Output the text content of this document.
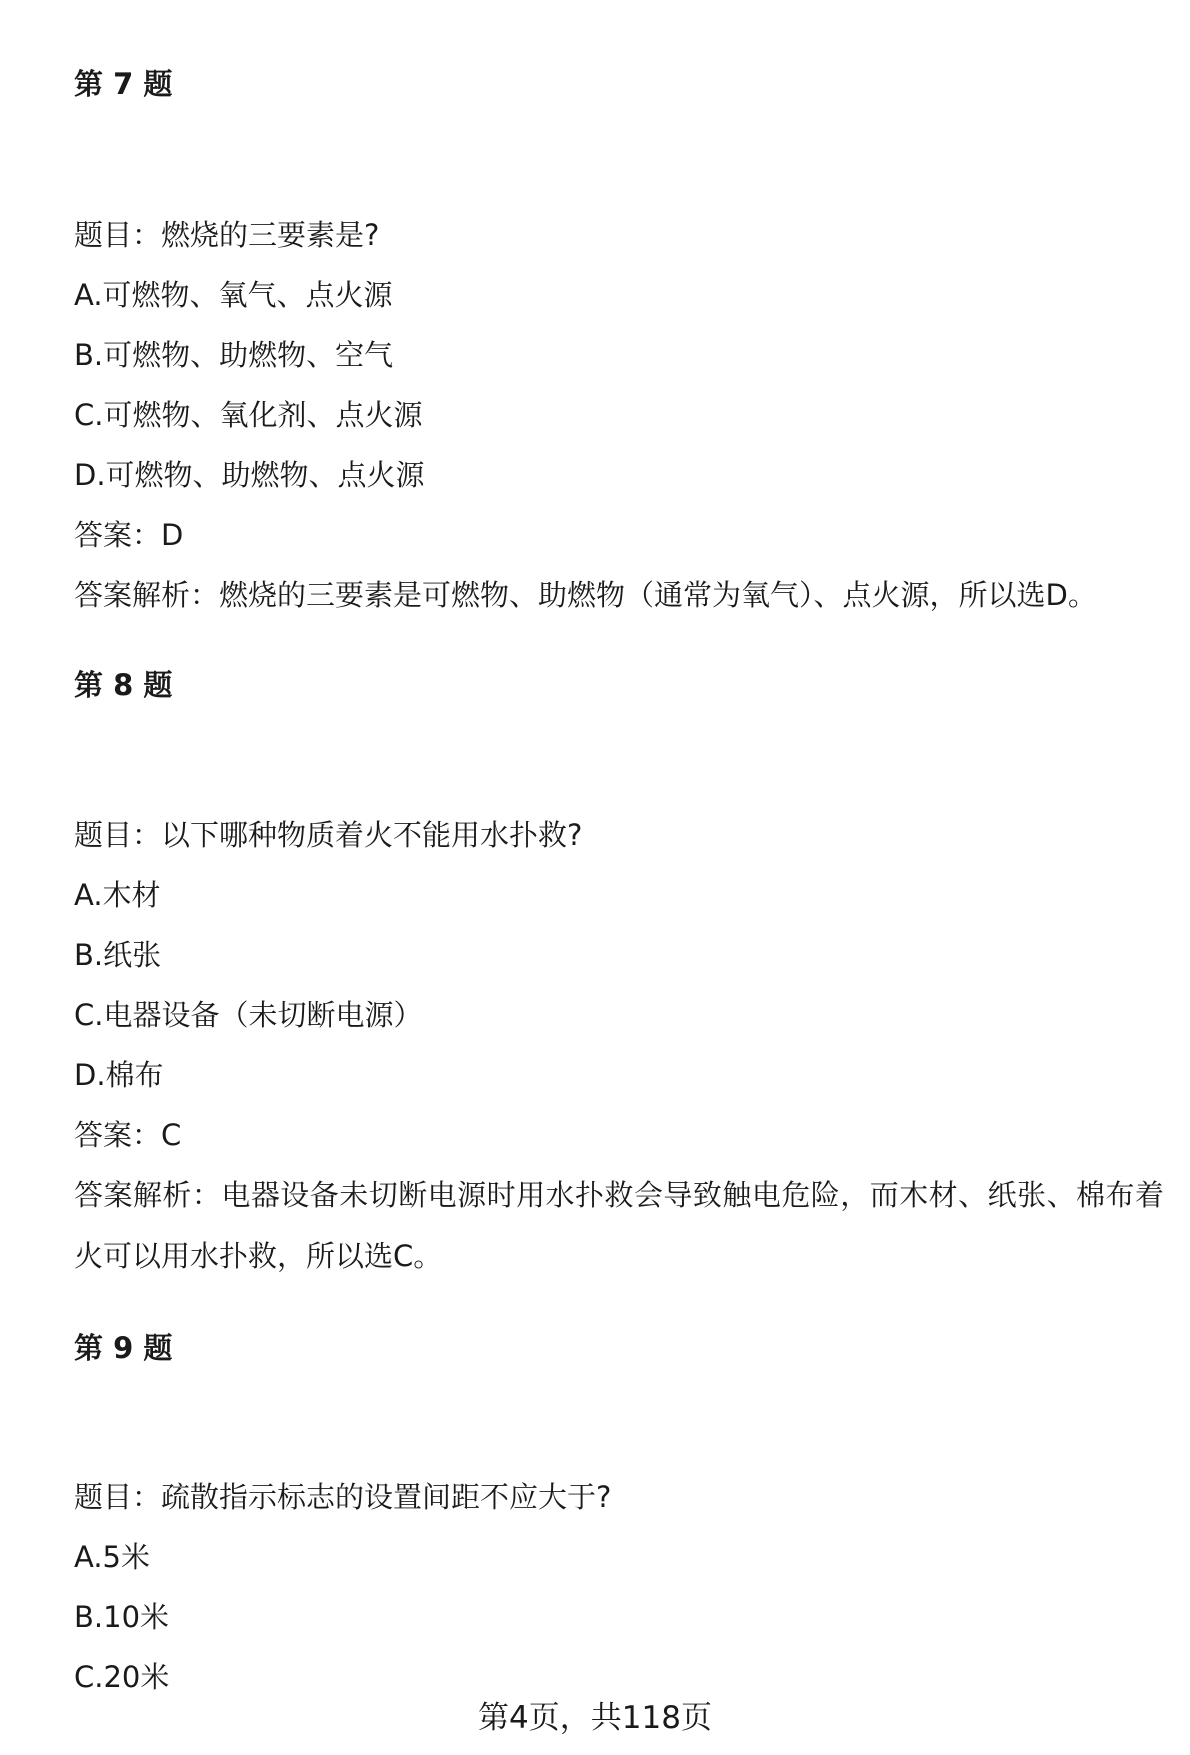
第 7 题
题目：燃烧的三要素是?
A.可燃物、氧气、点火源
B.可燃物、助燃物、空气
C.可燃物、氧化剂、点火源
D.可燃物、助燃物、点火源
答案：D
答案解析：燃烧的三要素是可燃物、助燃物（通常为氧气）、点火源，所以选D。
第 8 题
题目：以下哪种物质着火不能用水扑救?
A.木材
B.纸张
C.电器设备（未切断电源）
D.棉布
答案：C
答案解析：电器设备未切断电源时用水扑救会导致触电危险，而木材、纸张、棉布着火可以用水扑救，所以选C。
第 9 题
题目：疏散指示标志的设置间距不应大于?
A.5米
B.10米
C.20米
第4页，共118页
